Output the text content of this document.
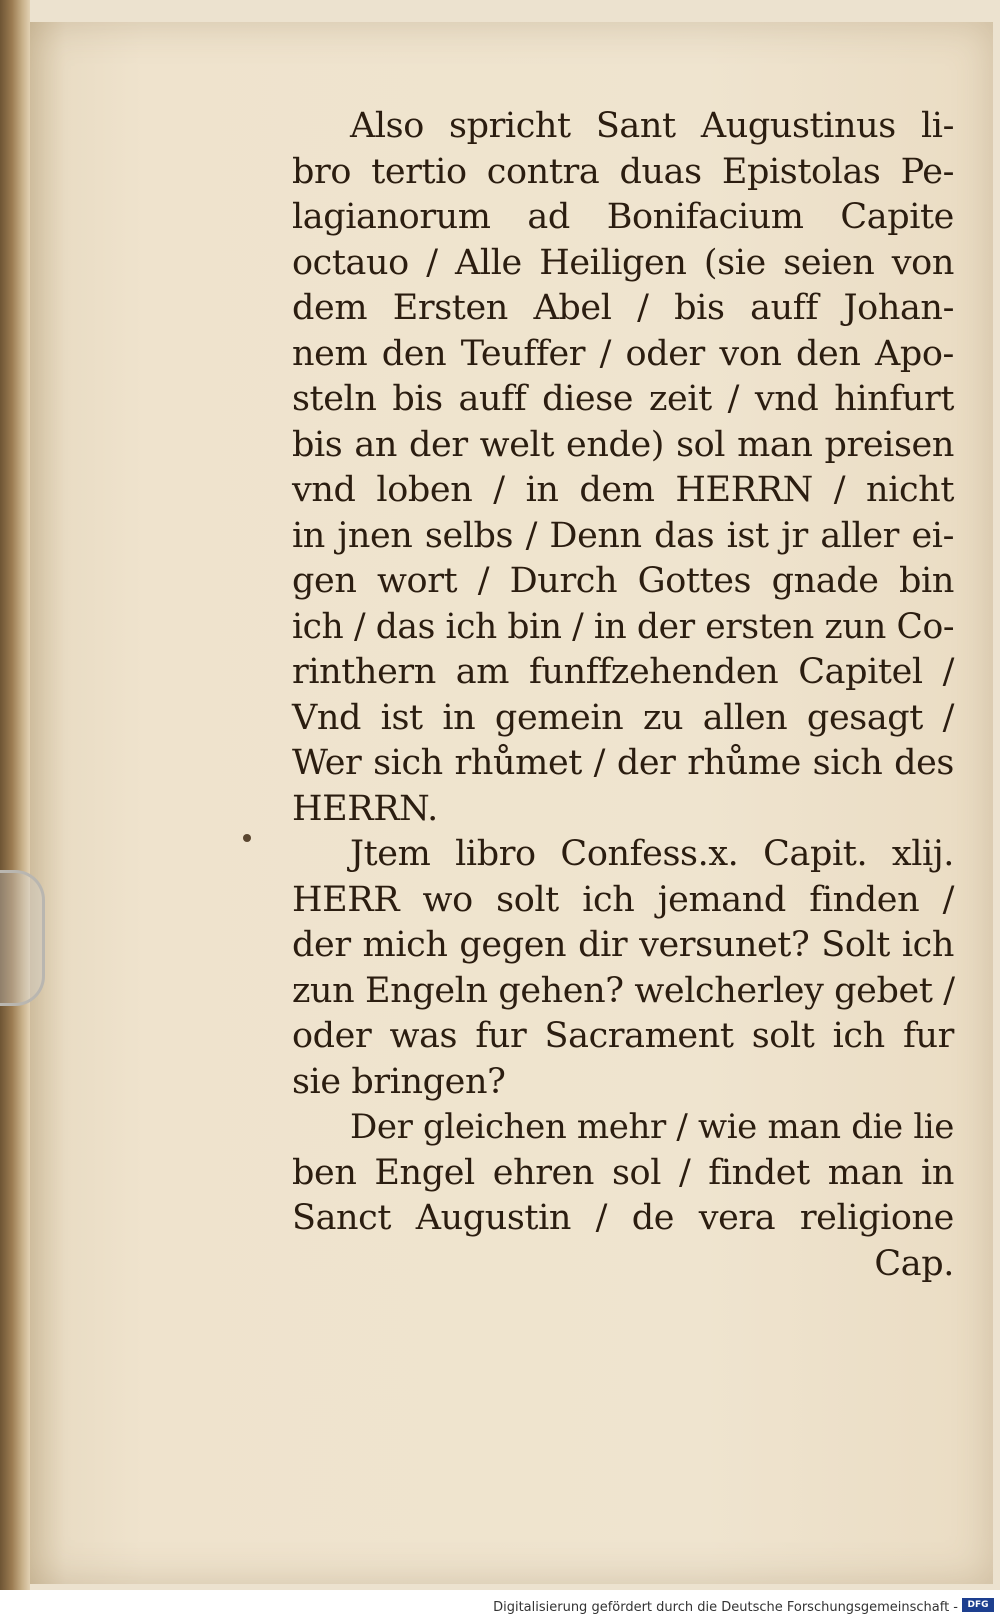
Also spricht Sant Augustinus li-
bro tertio contra duas Epistolas Pe-
lagianorum ad Bonifacium Capite
octauo / Alle Heiligen (sie seien von
dem Ersten Abel / bis auff Johan-
nem den Teuffer / oder von den Apo-
steln bis auff diese zeit / vnd hinfurt
bis an der welt ende) sol man preisen
vnd loben / in dem HERRN / nicht
in jnen selbs / Denn das ist jr aller ei-
gen wort / Durch Gottes gnade bin
ich / das ich bin / in der ersten zun Co-
rinthern am funffzehenden Capitel /
Vnd ist in gemein zu allen gesagt /
Wer sich rhůmet / der rhůme sich des
HERRN.
Jtem libro Confess.x. Capit. xlij.
HERR wo solt ich jemand finden /
der mich gegen dir versunet? Solt ich
zun Engeln gehen? welcherley gebet /
oder was fur Sacrament solt ich fur
sie bringen?
Der gleichen mehr / wie man die lie
ben Engel ehren sol / findet man in
Sanct Augustin / de vera religione
Cap.
Digitalisierung gefördert durch die Deutsche Forschungsgemeinschaft -	DFG
